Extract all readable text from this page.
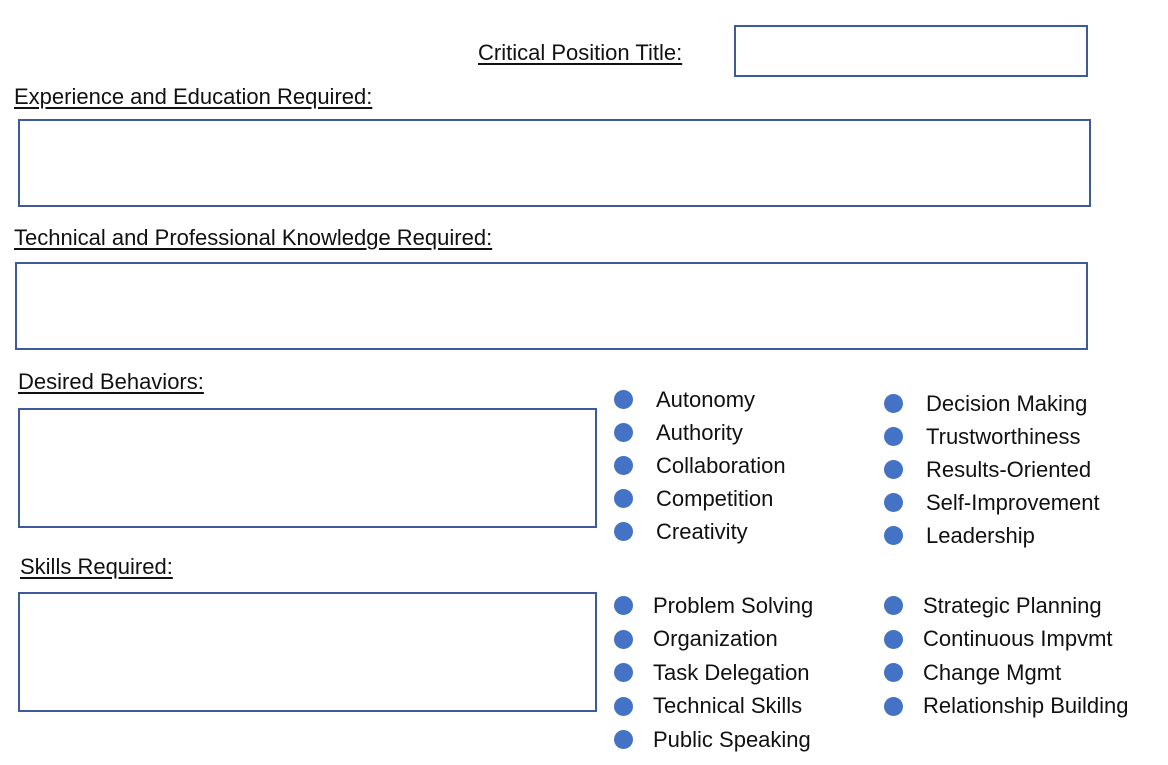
Critical Position Title:
Experience and Education Required:
Technical and Professional Knowledge Required:
Desired Behaviors:
Autonomy
Authority
Collaboration
Competition
Creativity
Decision Making
Trustworthiness
Results-Oriented
Self-Improvement
Leadership
Skills Required:
Problem Solving
Organization
Task Delegation
Technical Skills
Public Speaking
Strategic Planning
Continuous Impvmt
Change Mgmt
Relationship Building
